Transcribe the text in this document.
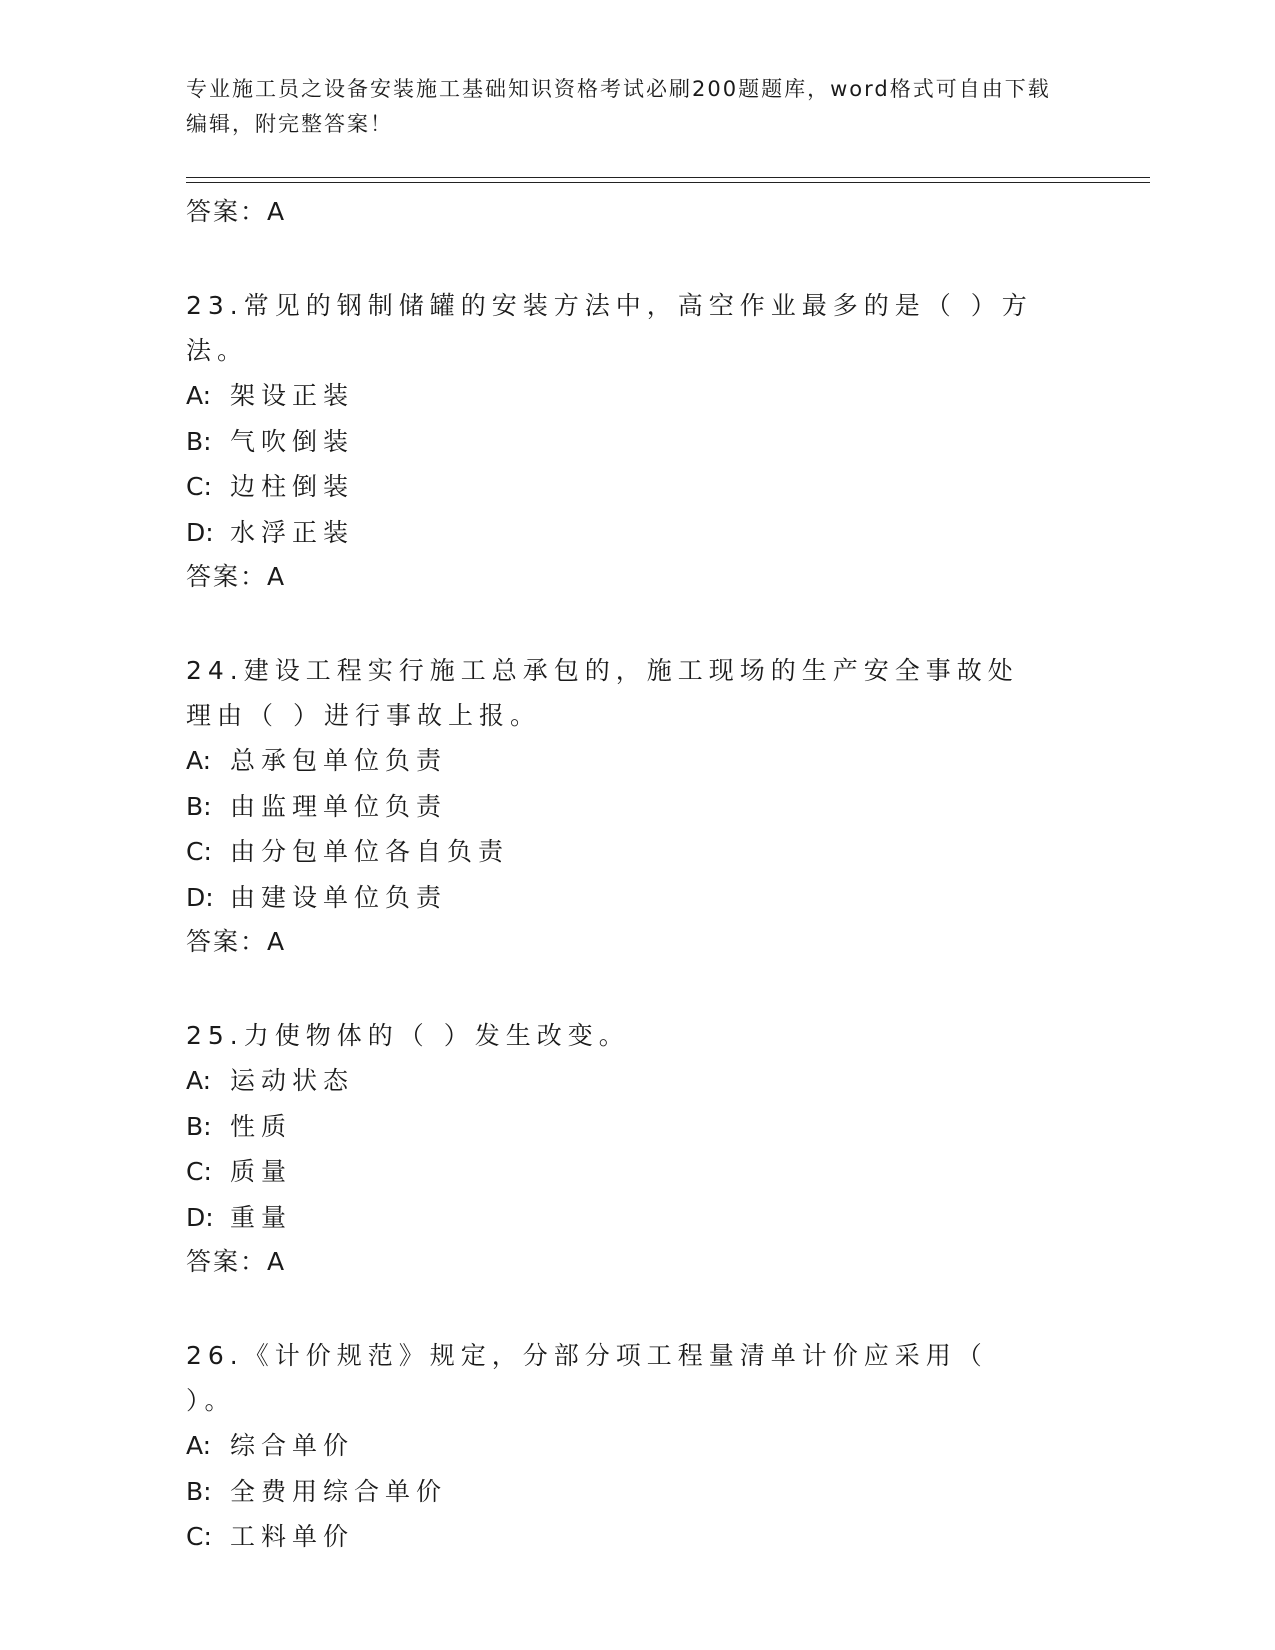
专业施工员之设备安装施工基础知识资格考试必刷200题题库，word格式可自由下载编辑，附完整答案！
答案：A
23.常见的钢制储罐的安装方法中，高空作业最多的是（ ）方法。
A: 架设正装
B: 气吹倒装
C: 边柱倒装
D: 水浮正装
答案：A
24.建设工程实行施工总承包的，施工现场的生产安全事故处理由（ ）进行事故上报。
A: 总承包单位负责
B: 由监理单位负责
C: 由分包单位各自负责
D: 由建设单位负责
答案：A
25.力使物体的（ ）发生改变。
A: 运动状态
B: 性质
C: 质量
D: 重量
答案：A
26.《计价规范》规定，分部分项工程量清单计价应采用（ ）。
A: 综合单价
B: 全费用综合单价
C: 工料单价
